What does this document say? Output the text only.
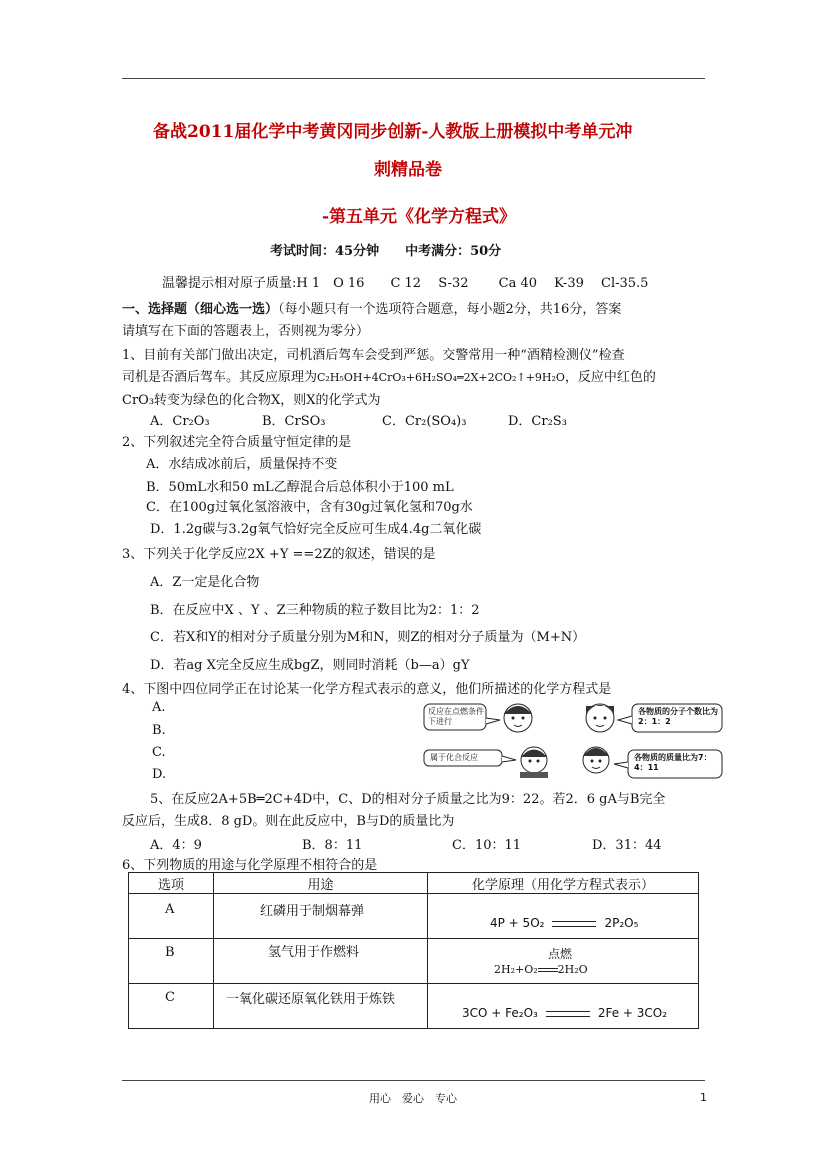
备战2011届化学中考黄冈同步创新-人教版上册模拟中考单元冲
刺精品卷
-第五单元《化学方程式》
考试时间：45分钟　　中考满分：50分
温馨提示相对原子质量:H 1　O 16　　C 12　 S-32　　 Ca 40　 K-39　 Cl-35.5
一、选择题（细心选一选）（每小题只有一个选项符合题意，每小题2分，共16分，答案
请填写在下面的答题表上，否则视为零分）
1、目前有关部门做出决定，司机酒后驾车会受到严惩。交警常用一种“酒精检测仪”检查
司机是否酒后驾车。其反应原理为C₂H₅OH+4CrO₃+6H₂SO₄═2X+2CO₂↑+9H₂O，反应中红色的
CrO₃转变为绿色的化合物X，则X的化学式为
A．Cr₂O₃	B．CrSO₃	C．Cr₂(SO₄)₃	D．Cr₂S₃
2、下列叙述完全符合质量守恒定律的是
A．水结成冰前后，质量保持不变
B．50mL水和50 mL乙醇混合后总体积小于100 mL
C．在100g过氧化氢溶液中，含有30g过氧化氢和70g水
D．1.2g碳与3.2g氧气恰好完全反应可生成4.4g二氧化碳
3、下列关于化学反应2X +Y ==2Z的叙述，错误的是
A．Z一定是化合物
B．在反应中X 、Y 、Z三种物质的粒子数目比为2：1：2
C．若X和Y的相对分子质量分别为M和N，则Z的相对分子质量为（M+N）
D．若ag X完全反应生成bgZ，则同时消耗（b—a）gY
4、下图中四位同学正在讨论某一化学方程式表示的意义，他们所描述的化学方程式是
A.
B.
C.
D.
反应在点燃条件下进行
各物质的分子个数比为2：1：2
属于化合反应	各物质的质量比为7：4：11
5、在反应2A+5B═2C+4D中，C、D的相对分子质量之比为9：22。若2．6 gA与B完全
反应后，生成8．8 gD。则在此反应中，B与D的质量比为
A．4：9	B．8：11	C．10：11	D．31：44
6、下列物质的用途与化学原理不相符合的是
选项	用途	化学原理（用化学方程式表示）

A	红磷用于制烟幕弹	4P + 5O₂ 2P₂O₅

B	氢气用于作燃料	2H₂+O₂ 2H₂O
点燃

C	一氧化碳还原氧化铁用于炼铁	3CO + Fe₂O₃ 2Fe + 3CO₂
用心　爱心　专心	1
